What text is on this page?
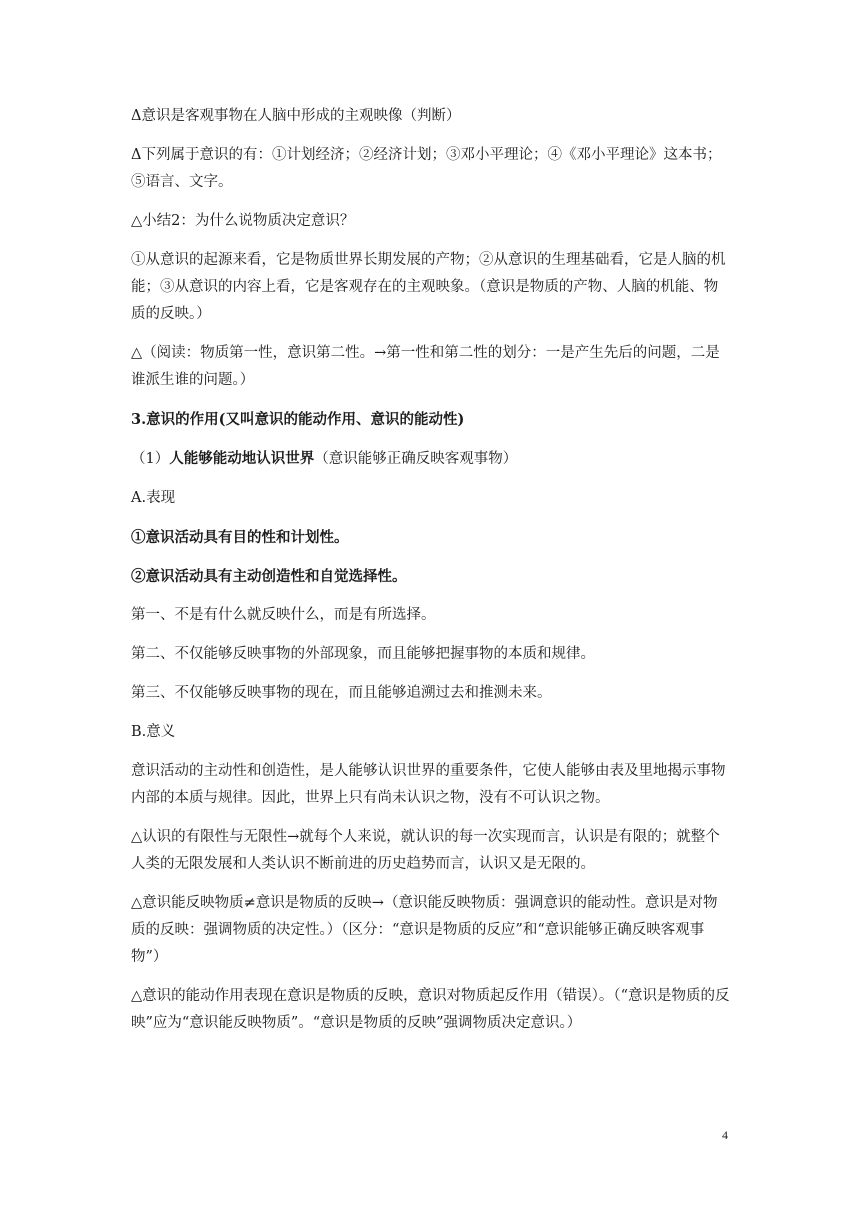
Δ意识是客观事物在人脑中形成的主观映像（判断）

Δ下列属于意识的有：①计划经济；②经济计划；③邓小平理论；④《邓小平理论》这本书；⑤语言、文字。

△小结2：为什么说物质决定意识？

①从意识的起源来看，它是物质世界长期发展的产物；②从意识的生理基础看，它是人脑的机能；③从意识的内容上看，它是客观存在的主观映象。（意识是物质的产物、人脑的机能、物质的反映。）

△（阅读：物质第一性，意识第二性。→第一性和第二性的划分：一是产生先后的问题，二是谁派生谁的问题。）

3.意识的作用(又叫意识的能动作用、意识的能动性)

（1）人能够能动地认识世界（意识能够正确反映客观事物）

A.表现

①意识活动具有目的性和计划性。

②意识活动具有主动创造性和自觉选择性。

第一、不是有什么就反映什么，而是有所选择。

第二、不仅能够反映事物的外部现象，而且能够把握事物的本质和规律。

第三、不仅能够反映事物的现在，而且能够追溯过去和推测未来。

B.意义

意识活动的主动性和创造性，是人能够认识世界的重要条件，它使人能够由表及里地揭示事物内部的本质与规律。因此，世界上只有尚未认识之物，没有不可认识之物。

△认识的有限性与无限性→就每个人来说，就认识的每一次实现而言，认识是有限的；就整个人类的无限发展和人类认识不断前进的历史趋势而言，认识又是无限的。

△意识能反映物质≠意识是物质的反映→（意识能反映物质：强调意识的能动性。意识是对物质的反映：强调物质的决定性。）（区分：“意识是物质的反应”和“意识能够正确反映客观事物”）

△意识的能动作用表现在意识是物质的反映，意识对物质起反作用（错误）。（“意识是物质的反映”应为“意识能反映物质”。“意识是物质的反映”强调物质决定意识。）

4
